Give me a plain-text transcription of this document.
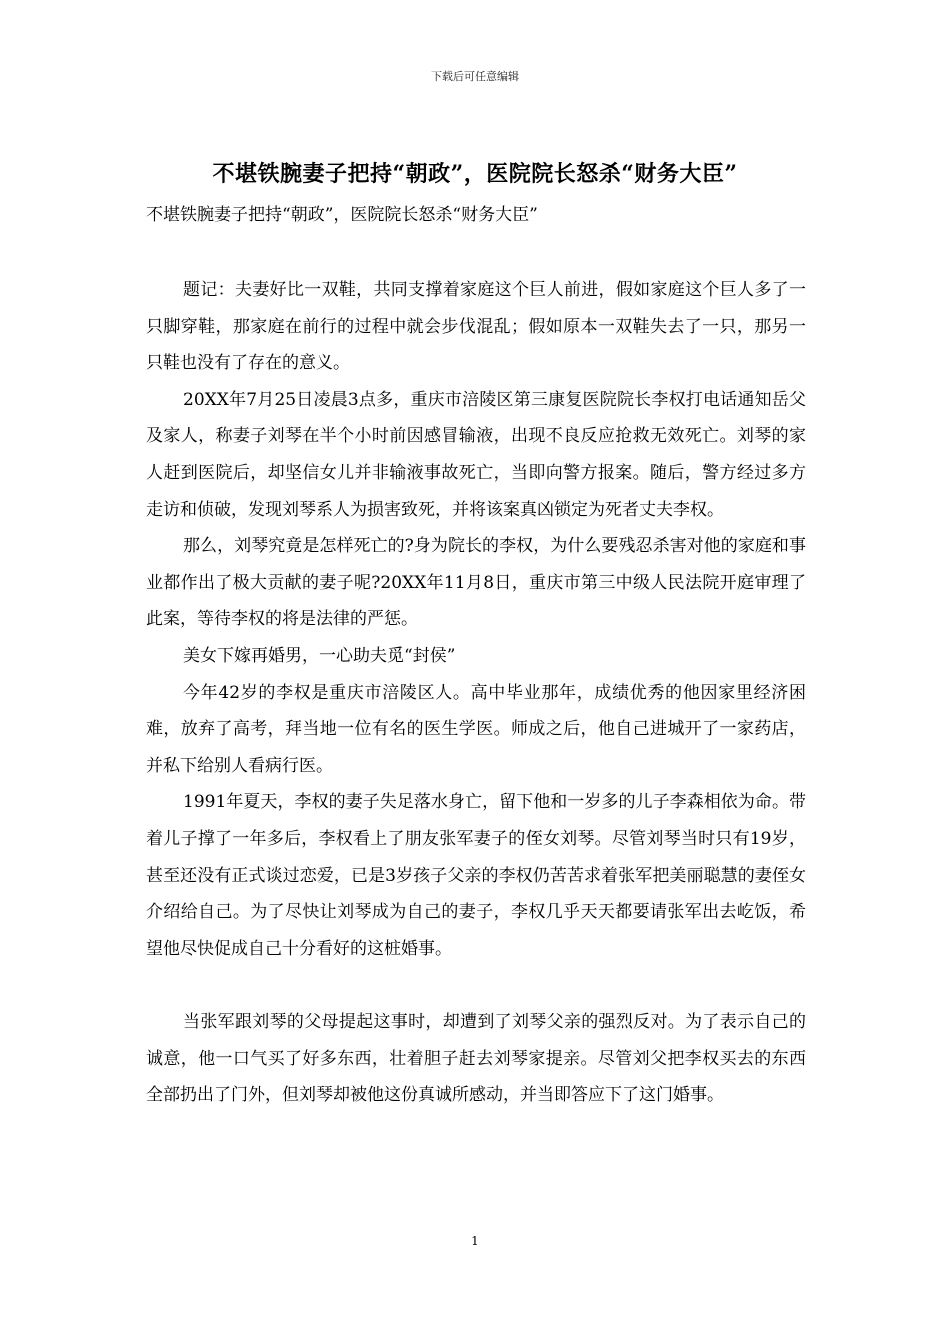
下载后可任意编辑
不堪铁腕妻子把持“朝政”，医院院长怒杀“财务大臣”
不堪铁腕妻子把持“朝政”，医院院长怒杀“财务大臣”

题记：夫妻好比一双鞋，共同支撑着家庭这个巨人前进，假如家庭这个巨人多了一只脚穿鞋，那家庭在前行的过程中就会步伐混乱；假如原本一双鞋失去了一只，那另一只鞋也没有了存在的意义。

20XX年7月25日凌晨3点多，重庆市涪陵区第三康复医院院长李权打电话通知岳父及家人，称妻子刘琴在半个小时前因感冒输液，出现不良反应抢救无效死亡。刘琴的家人赶到医院后，却坚信女儿并非输液事故死亡，当即向警方报案。随后，警方经过多方走访和侦破，发现刘琴系人为损害致死，并将该案真凶锁定为死者丈夫李权。

那么，刘琴究竟是怎样死亡的?身为院长的李权，为什么要残忍杀害对他的家庭和事业都作出了极大贡献的妻子呢?20XX年11月8日，重庆市第三中级人民法院开庭审理了此案，等待李权的将是法律的严惩。

美女下嫁再婚男，一心助夫觅“封侯”

今年42岁的李权是重庆市涪陵区人。高中毕业那年，成绩优秀的他因家里经济困难，放弃了高考，拜当地一位有名的医生学医。师成之后，他自己进城开了一家药店，并私下给别人看病行医。

1991年夏天，李权的妻子失足落水身亡，留下他和一岁多的儿子李森相依为命。带着儿子撑了一年多后，李权看上了朋友张军妻子的侄女刘琴。尽管刘琴当时只有19岁，甚至还没有正式谈过恋爱，已是3岁孩子父亲的李权仍苦苦求着张军把美丽聪慧的妻侄女介绍给自己。为了尽快让刘琴成为自己的妻子，李权几乎天天都要请张军出去屹饭，希望他尽快促成自己十分看好的这桩婚事。

当张军跟刘琴的父母提起这事时，却遭到了刘琴父亲的强烈反对。为了表示自己的诚意，他一口气买了好多东西，壮着胆子赶去刘琴家提亲。尽管刘父把李权买去的东西全部扔出了门外，但刘琴却被他这份真诚所感动，并当即答应下了这门婚事。

1
